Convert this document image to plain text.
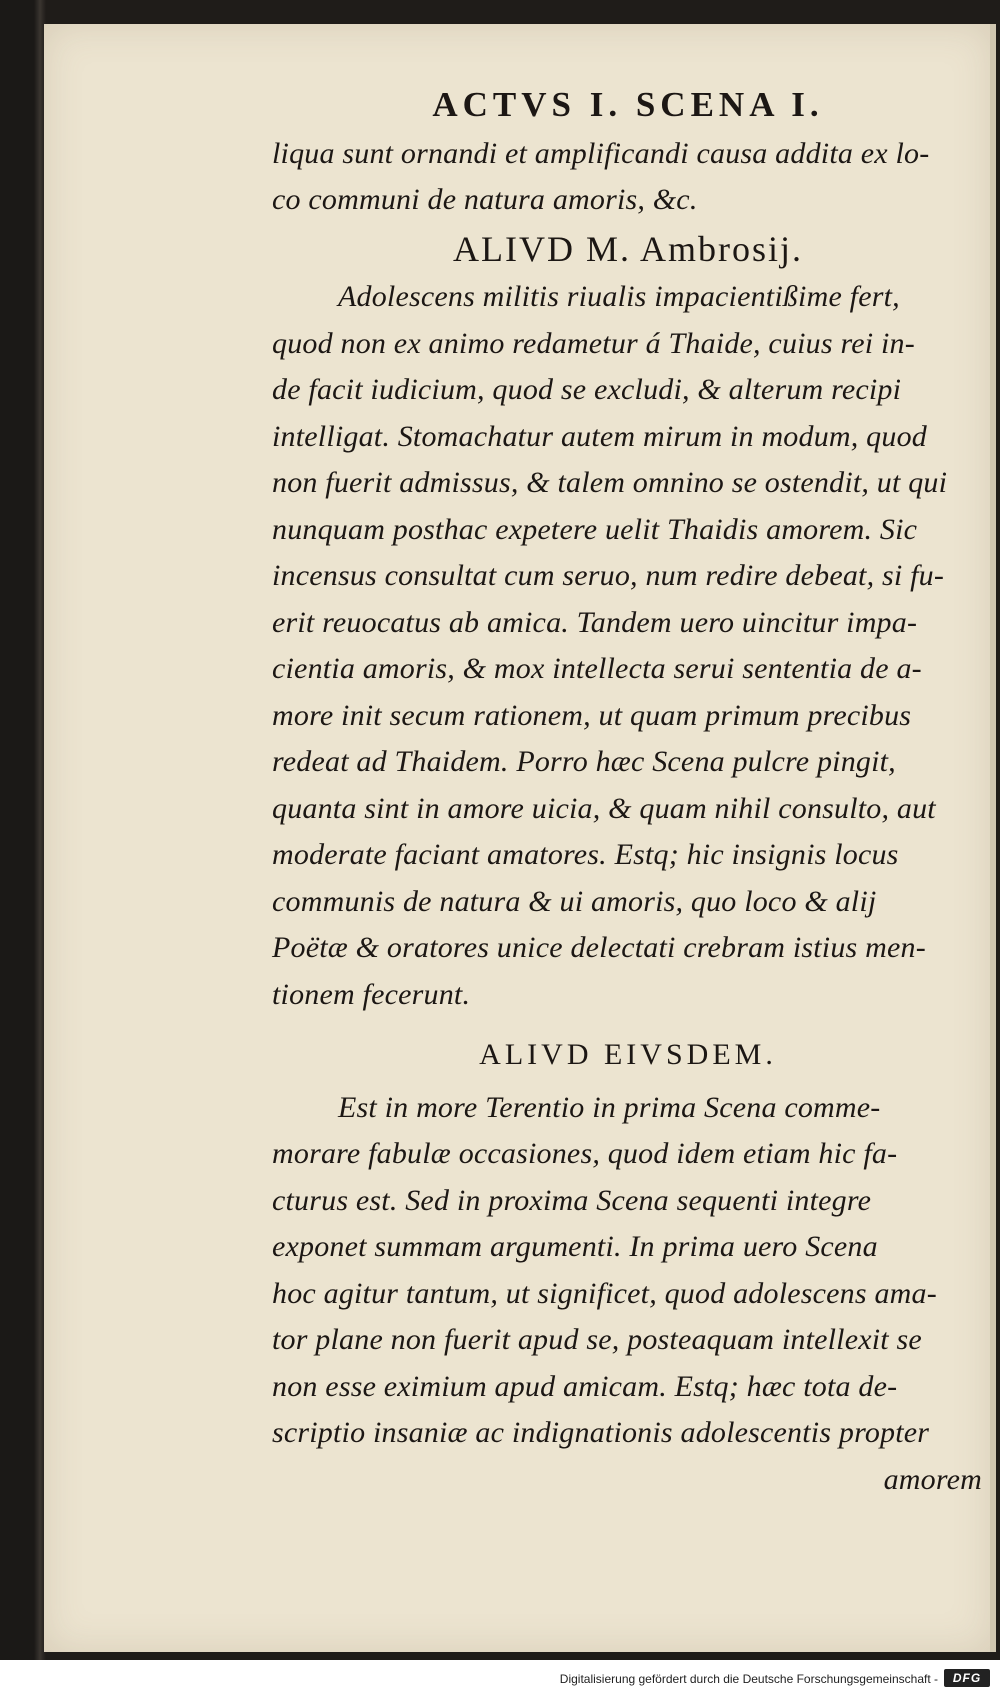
ACTVS I. SCENA I.
liqua sunt ornandi et amplificandi causa addita ex lo-
co communi de natura amoris, &c.
ALIVD M. Ambrosij.
Adolescens militis riualis impacientißime fert,
quod non ex animo redametur á Thaide, cuius rei in-
de facit iudicium, quod se excludi, & alterum recipi
intelligat. Stomachatur autem mirum in modum, quod
non fuerit admissus, & talem omnino se ostendit, ut qui
nunquam posthac expetere uelit Thaidis amorem. Sic
incensus consultat cum seruo, num redire debeat, si fu-
erit reuocatus ab amica. Tandem uero uincitur impa-
cientia amoris, & mox intellecta serui sententia de a-
more init secum rationem, ut quam primum precibus
redeat ad Thaidem. Porro hæc Scena pulcre pingit,
quanta sint in amore uicia, & quam nihil consulto, aut
moderate faciant amatores. Estq; hic insignis locus
communis de natura & ui amoris, quo loco & alij
Poëtæ & oratores unice delectati crebram istius men-
tionem fecerunt.
ALIVD EIVSDEM.
Est in more Terentio in prima Scena comme-
morare fabulæ occasiones, quod idem etiam hic fa-
cturus est. Sed in proxima Scena sequenti integre
exponet summam argumenti. In prima uero Scena
hoc agitur tantum, ut significet, quod adolescens ama-
tor plane non fuerit apud se, posteaquam intellexit se
non esse eximium apud amicam. Estq; hæc tota de-
scriptio insaniæ ac indignationis adolescentis propter
amorem
Digitalisierung gefördert durch die Deutsche Forschungsgemeinschaft -	DFG
